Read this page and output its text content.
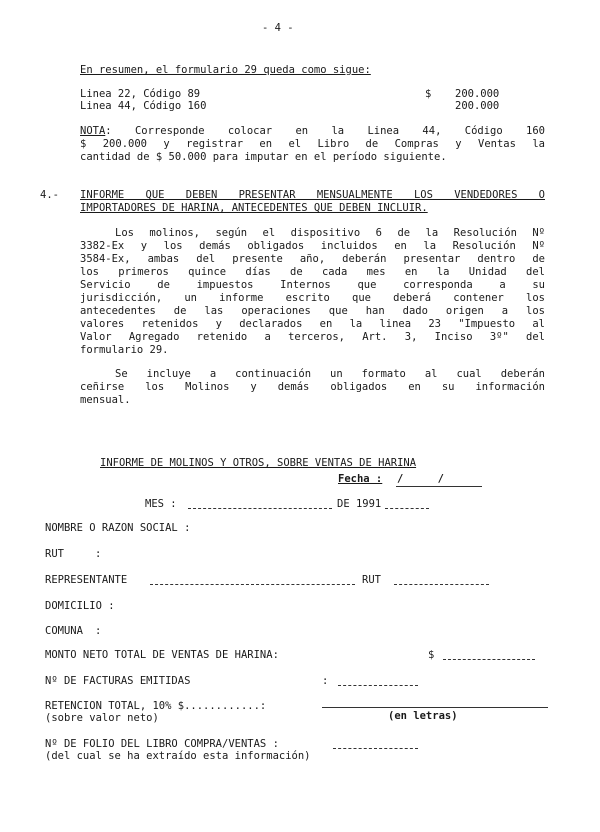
- 4 -
En resumen, el formulario 29 queda como sigue:
Linea 22, Código 89	$ 200.000
Linea 44, Código 160	200.000
NOTA: Corresponde colocar en la Linea 44, Código 160
$ 200.000 y registrar en el Libro de Compras y Ventas la
cantidad de $ 50.000 para imputar en el período siguiente.
4.- INFORME QUE DEBEN PRESENTAR MENSUALMENTE LOS VENDEDORES O
IMPORTADORES DE HARINA, ANTECEDENTES QUE DEBEN INCLUIR.
Los molinos, según el dispositivo 6 de la Resolución Nº
3382-Ex y los demás obligados incluidos en la Resolución Nº
3584-Ex, ambas del presente año, deberán presentar dentro de
los primeros quince días de cada mes en la Unidad del
Servicio de impuestos Internos que corresponda a su
jurisdicción, un informe escrito que deberá contener los
antecedentes de las operaciones que han dado origen a los
valores retenidos y declarados en la linea 23 "Impuesto al
Valor Agregado retenido a terceros, Art. 3, Inciso 3º" del
formulario 29.
Se incluye a continuación un formato al cual deberán
ceñirse los Molinos y demás obligados en su información
mensual.
INFORME DE MOLINOS Y OTROS, SOBRE VENTAS DE HARINA
Fecha : / /
MES :	DE 1991
NOMBRE O RAZON SOCIAL :
RUT	:
REPRESENTANTE	RUT
DOMICILIO :
COMUNA :
MONTO NETO TOTAL DE VENTAS DE HARINA:	$
Nº DE FACTURAS EMITIDAS	:
RETENCION TOTAL, 10% $............:
(sobre valor neto)	(en letras)
Nº DE FOLIO DEL LIBRO COMPRA/VENTAS :
(del cual se ha extraído esta información)
